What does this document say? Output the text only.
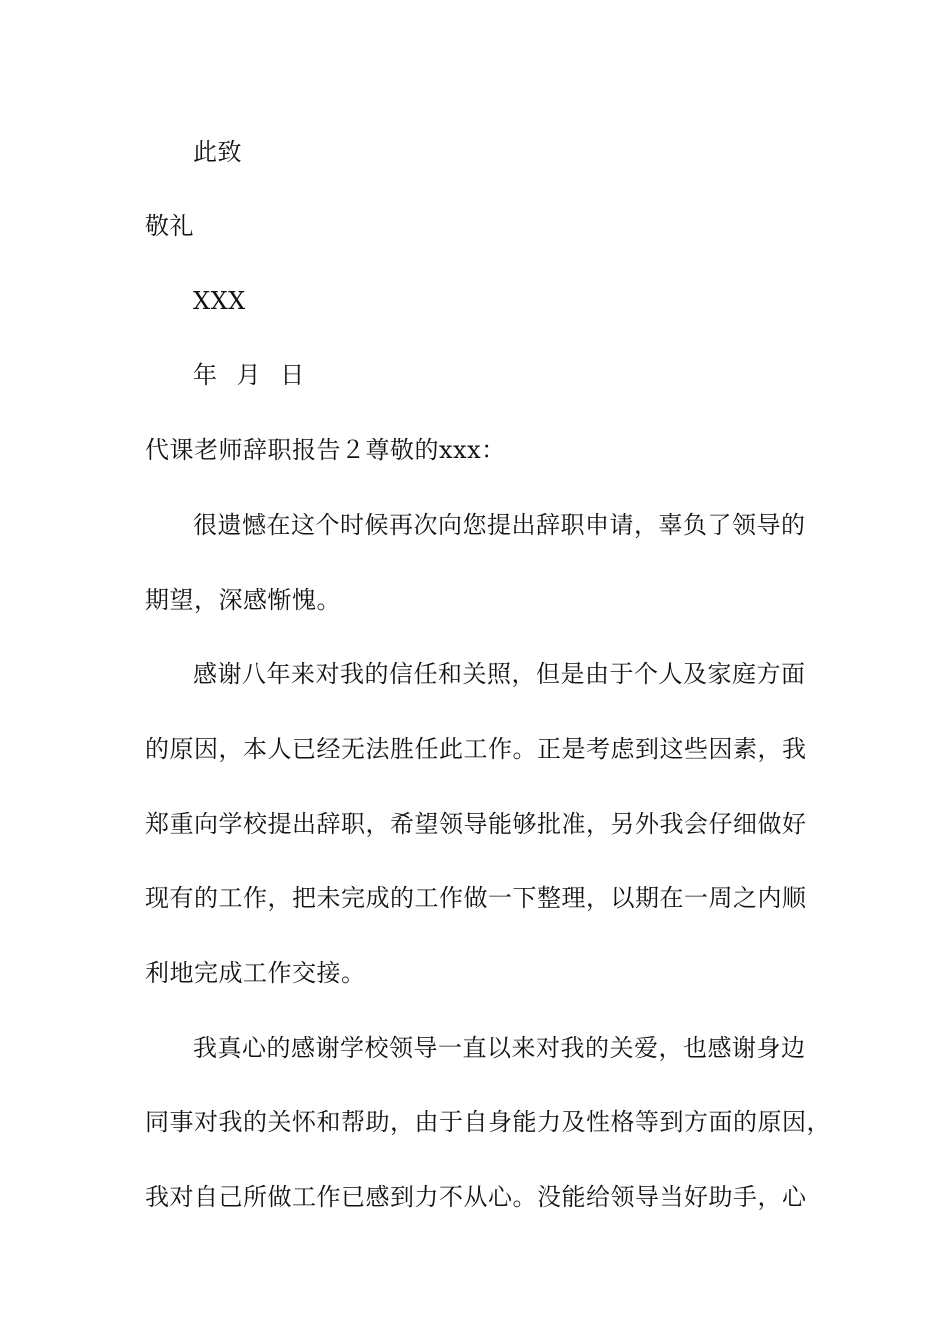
此致
敬礼
XXX
年 月 日
代课老师辞职报告２尊敬的xxx：
很遗憾在这个时候再次向您提出辞职申请，辜负了领导的
期望，深感惭愧。
感谢八年来对我的信任和关照，但是由于个人及家庭方面
的原因，本人已经无法胜任此工作。正是考虑到这些因素，我
郑重向学校提出辞职，希望领导能够批准，另外我会仔细做好
现有的工作，把未完成的工作做一下整理，以期在一周之内顺
利地完成工作交接。
我真心的感谢学校领导一直以来对我的关爱，也感谢身边
同事对我的关怀和帮助，由于自身能力及性格等到方面的原因，
我对自己所做工作已感到力不从心。没能给领导当好助手，心
